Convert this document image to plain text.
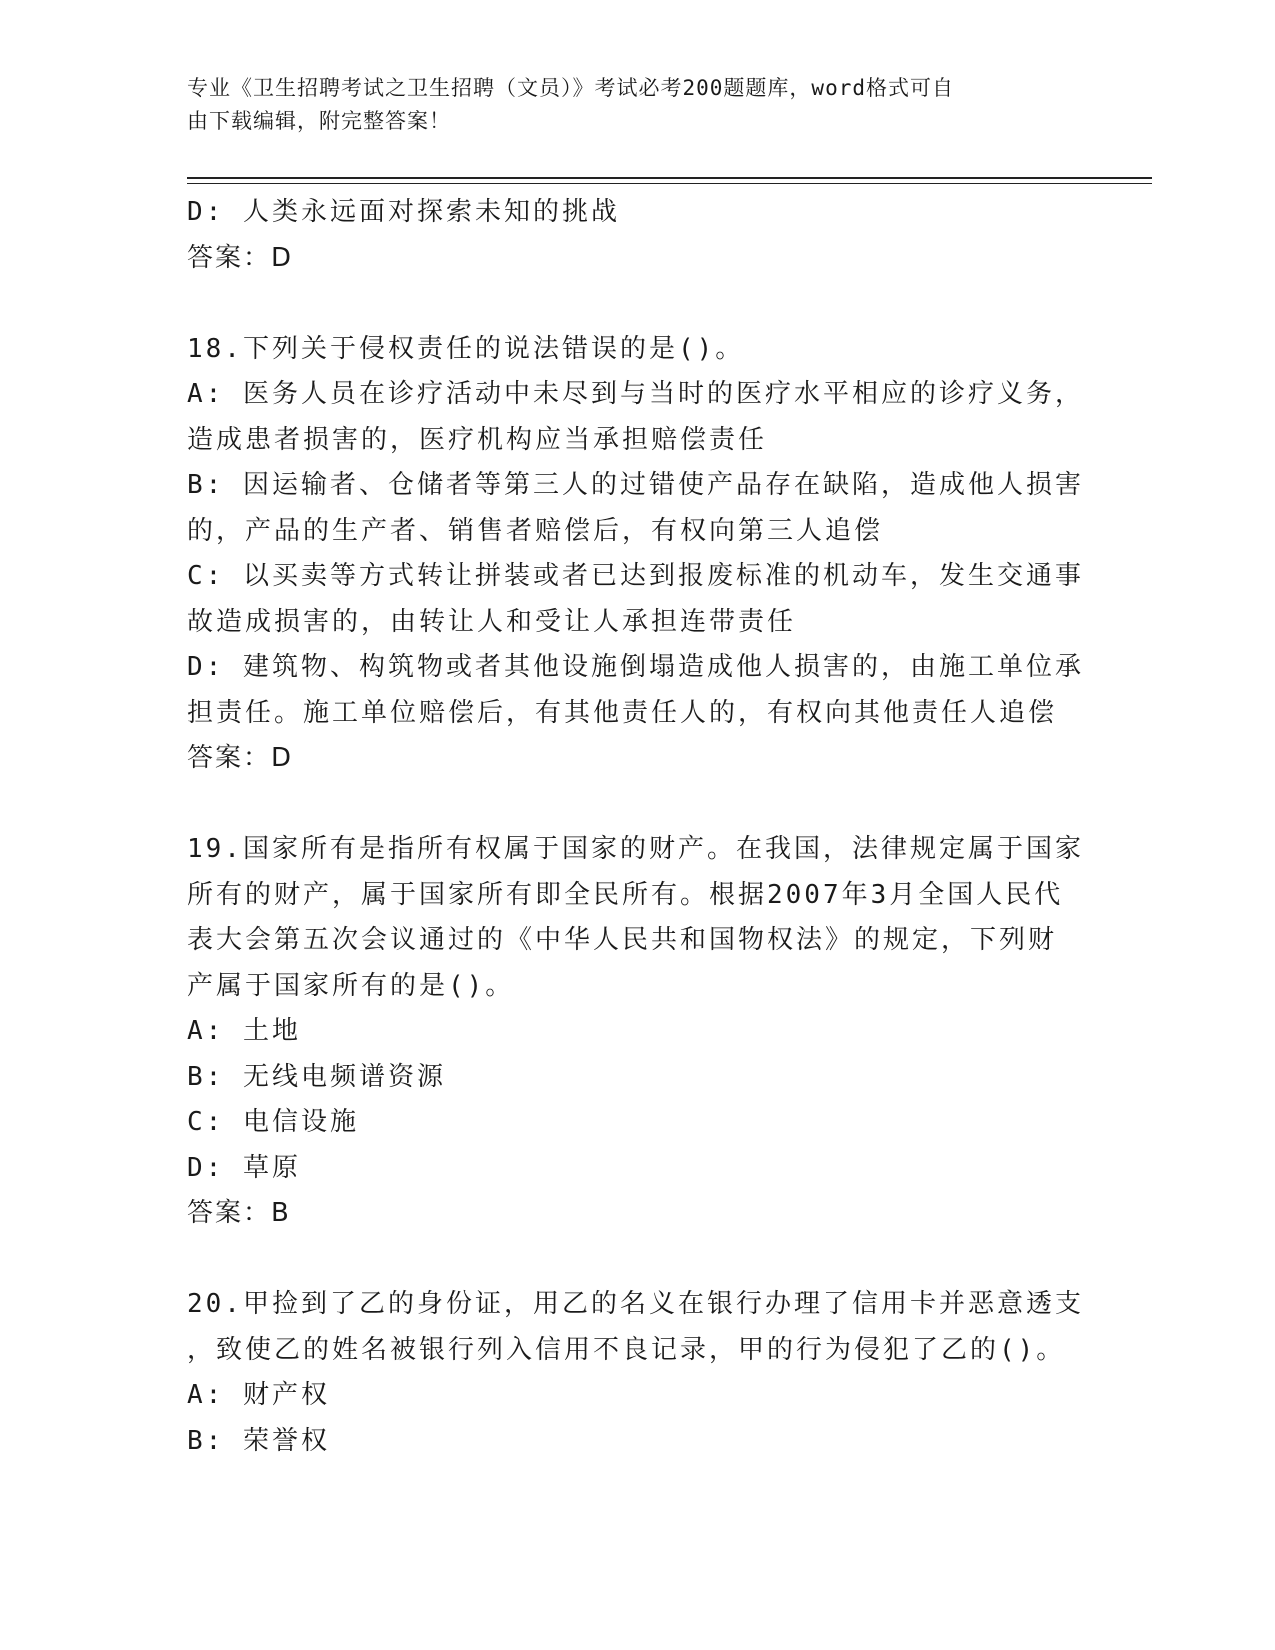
专业《卫生招聘考试之卫生招聘（文员）》考试必考200题题库，word格式可自
由下载编辑，附完整答案！
D: 人类永远面对探索未知的挑战
答案：D
18.下列关于侵权责任的说法错误的是()。
A: 医务人员在诊疗活动中未尽到与当时的医疗水平相应的诊疗义务，
造成患者损害的，医疗机构应当承担赔偿责任
B: 因运输者、仓储者等第三人的过错使产品存在缺陷，造成他人损害
的，产品的生产者、销售者赔偿后，有权向第三人追偿
C: 以买卖等方式转让拼装或者已达到报废标准的机动车，发生交通事
故造成损害的，由转让人和受让人承担连带责任
D: 建筑物、构筑物或者其他设施倒塌造成他人损害的，由施工单位承
担责任。施工单位赔偿后，有其他责任人的，有权向其他责任人追偿
答案：D
19.国家所有是指所有权属于国家的财产。在我国，法律规定属于国家
所有的财产，属于国家所有即全民所有。根据2007年3月全国人民代
表大会第五次会议通过的《中华人民共和国物权法》的规定，下列财
产属于国家所有的是()。
A: 土地
B: 无线电频谱资源
C: 电信设施
D: 草原
答案：B
20.甲捡到了乙的身份证，用乙的名义在银行办理了信用卡并恶意透支
，致使乙的姓名被银行列入信用不良记录，甲的行为侵犯了乙的()。
A: 财产权
B: 荣誉权
